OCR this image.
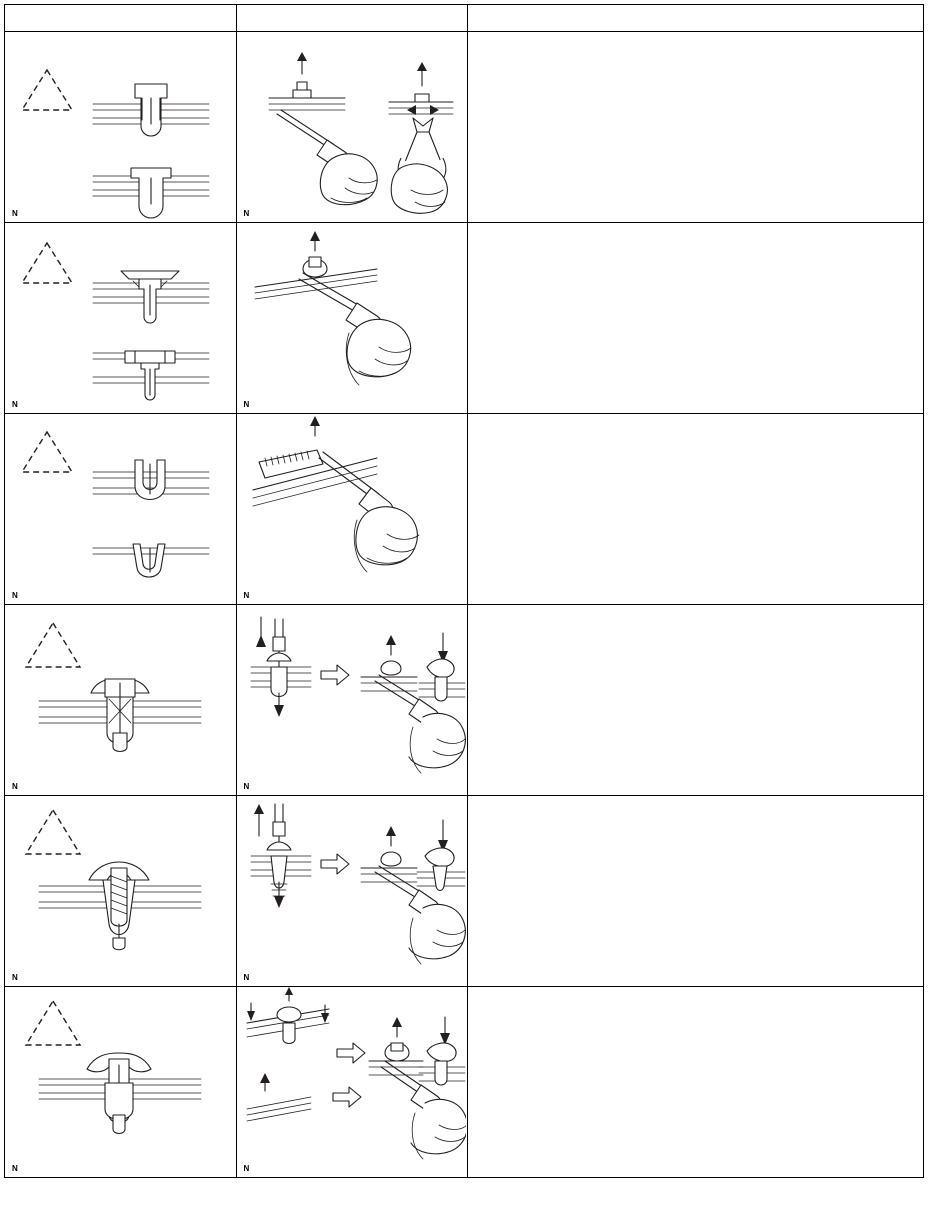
N	N	

N	N	

N	N	

N	N	

N	N	

N	N	
